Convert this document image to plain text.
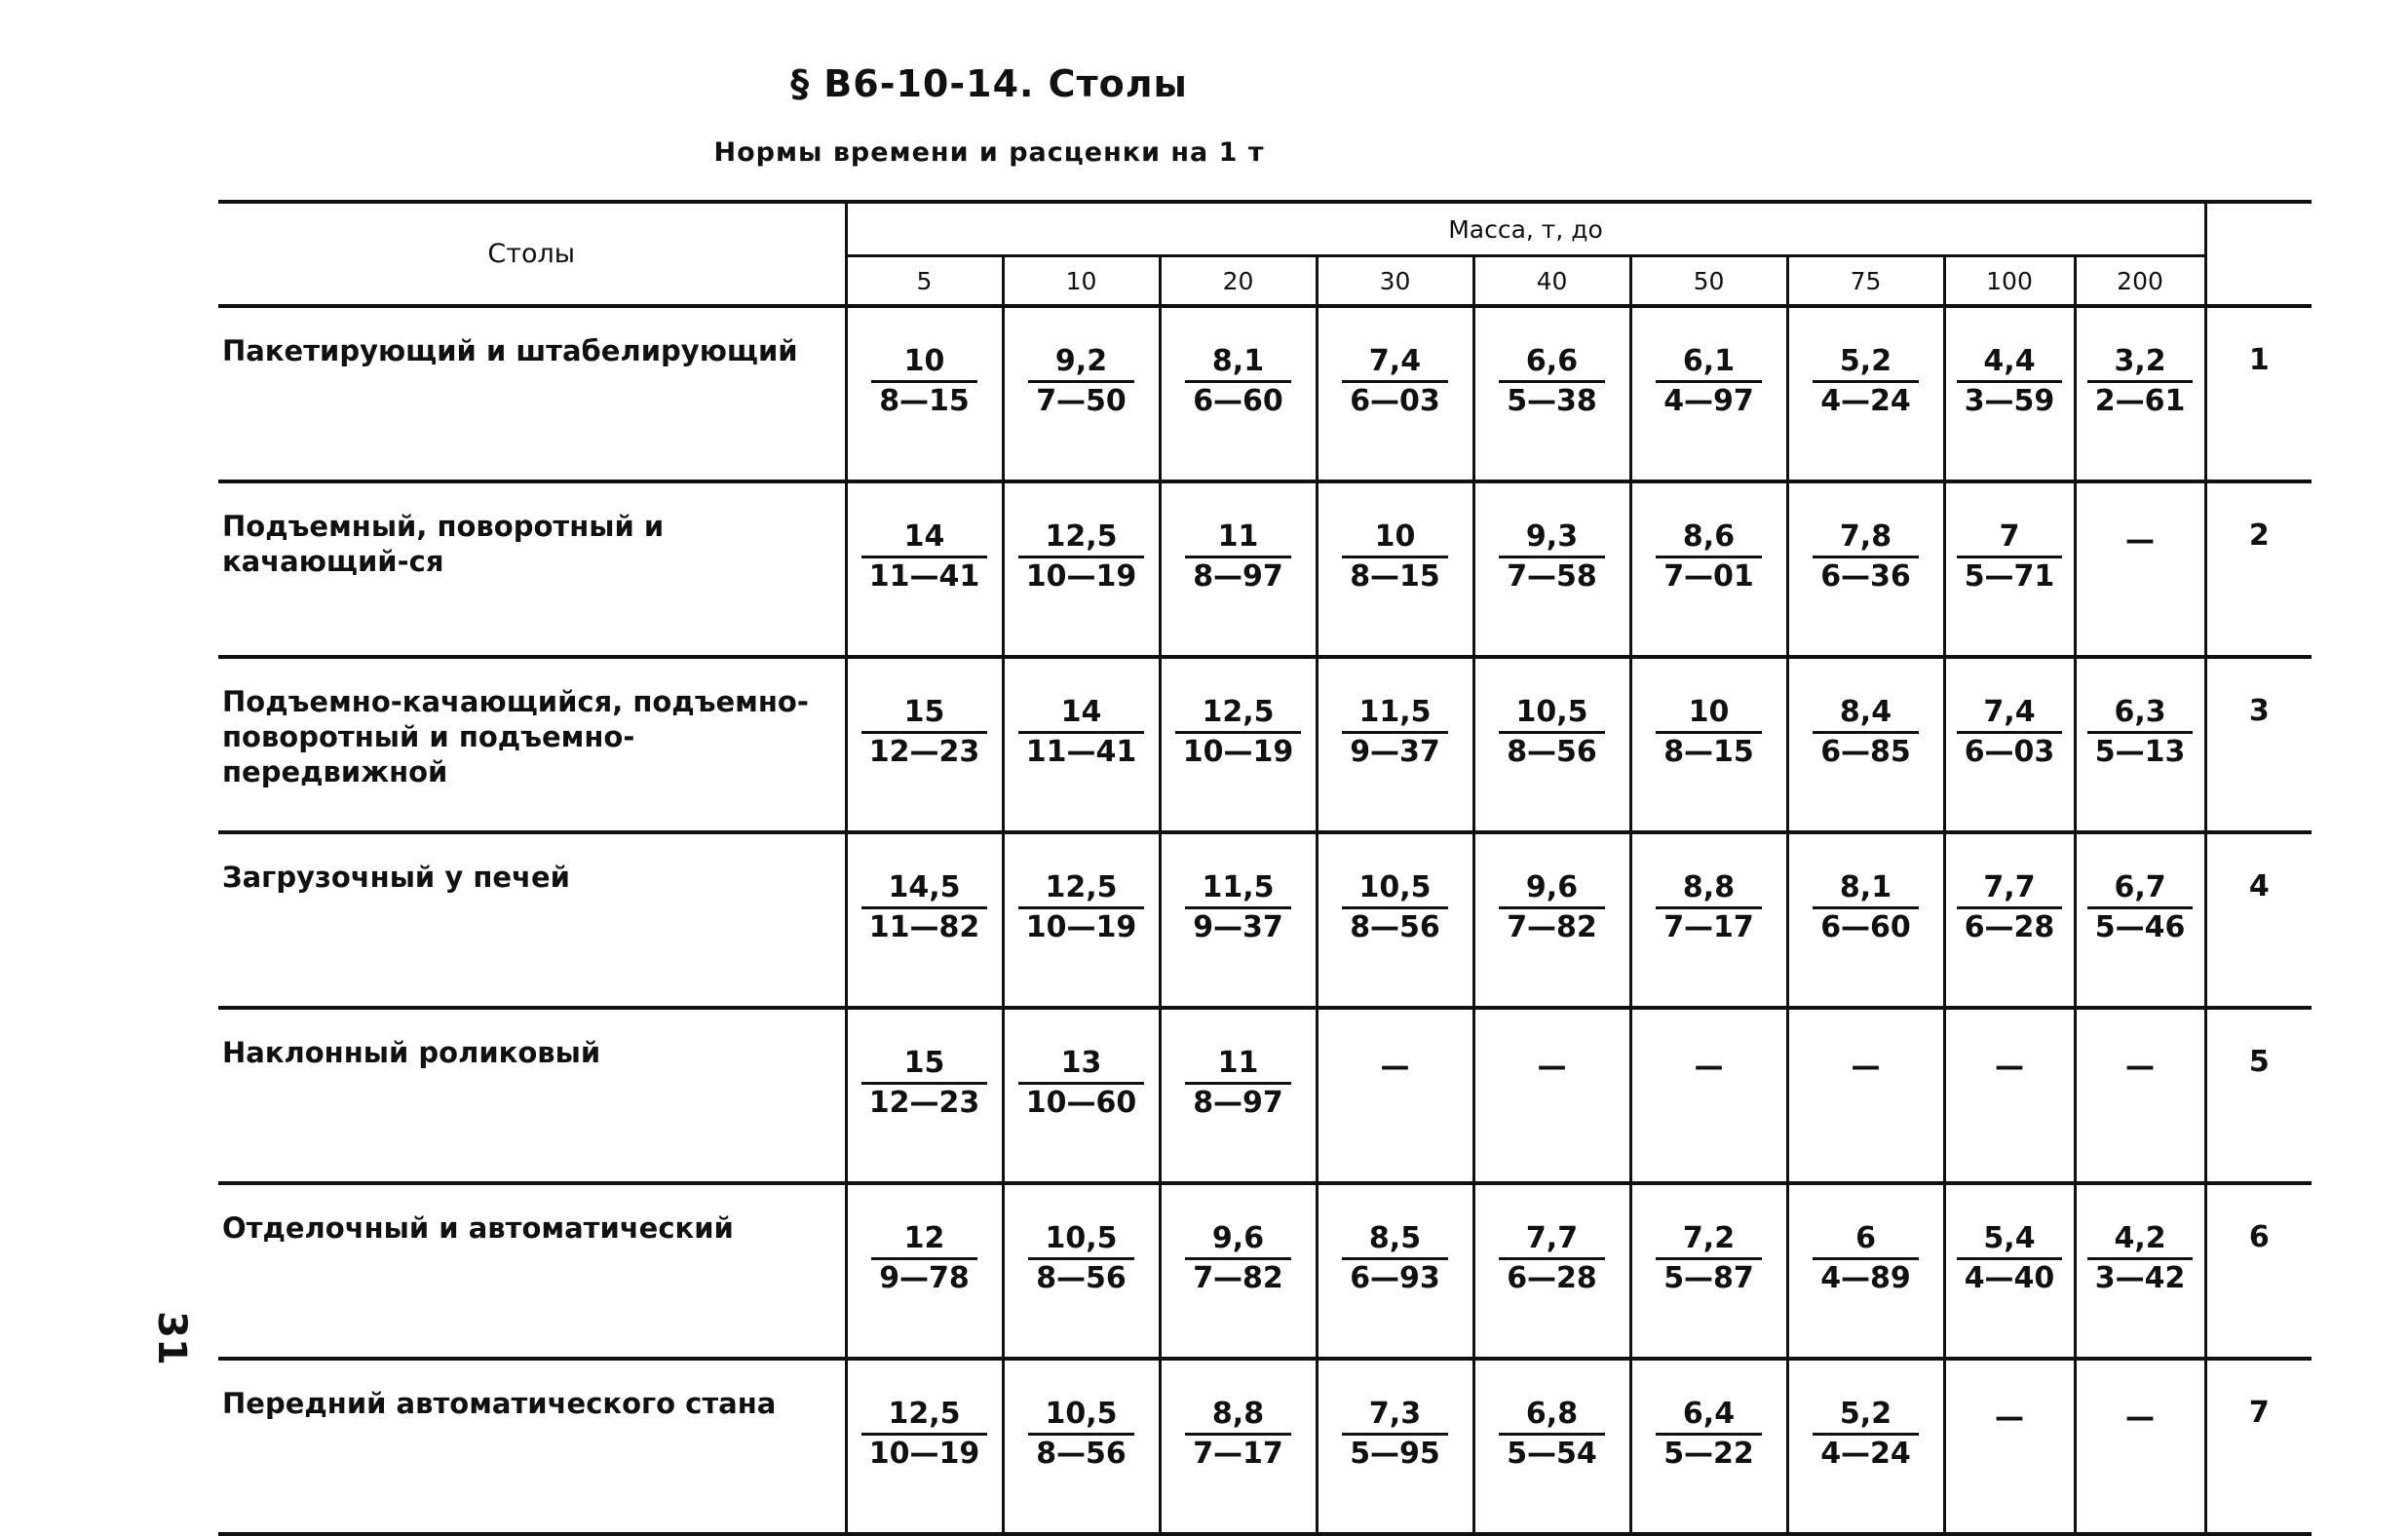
§ В6-10-14. Столы
Нормы времени и расценки на 1 т
Столы	Масса, т, до									
	5	10	20	30	40	50	75	100	200	
Пакетирующий и штабелирующий	$\frac{10}{8—15}$	$\frac{9,2}{7—50}$	$\frac{8,1}{6—60}$	$\frac{7,4}{6—03}$	$\frac{6,6}{5—38}$	$\frac{6,1}{4—97}$	$\frac{5,2}{4—24}$	$\frac{4,4}{3—59}$	$\frac{3,2}{2—61}$	1
Подъемный, поворотный и качающий-ся	$\frac{14}{11—41}$	$\frac{12,5}{10—19}$	$\frac{11}{8—97}$	$\frac{10}{8—15}$	$\frac{9,3}{7—58}$	$\frac{8,6}{7—01}$	$\frac{7,8}{6—36}$	$\frac{7}{5—71}$	—	2
Подъемно-качающийся, подъемно-поворотный и подъемно-передвижной	$\frac{15}{12—23}$	$\frac{14}{11—41}$	$\frac{12,5}{10—19}$	$\frac{11,5}{9—37}$	$\frac{10,5}{8—56}$	$\frac{10}{8—15}$	$\frac{8,4}{6—85}$	$\frac{7,4}{6—03}$	$\frac{6,3}{5—13}$	3
Загрузочный у печей	$\frac{14,5}{11—82}$	$\frac{12,5}{10—19}$	$\frac{11,5}{9—37}$	$\frac{10,5}{8—56}$	$\frac{9,6}{7—82}$	$\frac{8,8}{7—17}$	$\frac{8,1}{6—60}$	$\frac{7,7}{6—28}$	$\frac{6,7}{5—46}$	4
Наклонный роликовый	$\frac{15}{12—23}$	$\frac{13}{10—60}$	$\frac{11}{8—97}$	—	—	—	—	—	—	5
Отделочный и автоматический	$\frac{12}{9—78}$	$\frac{10,5}{8—56}$	$\frac{9,6}{7—82}$	$\frac{8,5}{6—93}$	$\frac{7,7}{6—28}$	$\frac{7,2}{5—87}$	$\frac{6}{4—89}$	$\frac{5,4}{4—40}$	$\frac{4,2}{3—42}$	6
Передний автоматического стана	$\frac{12,5}{10—19}$	$\frac{10,5}{8—56}$	$\frac{8,8}{7—17}$	$\frac{7,3}{5—95}$	$\frac{6,8}{5—54}$	$\frac{6,4}{5—22}$	$\frac{5,2}{4—24}$	—	—	7
31
